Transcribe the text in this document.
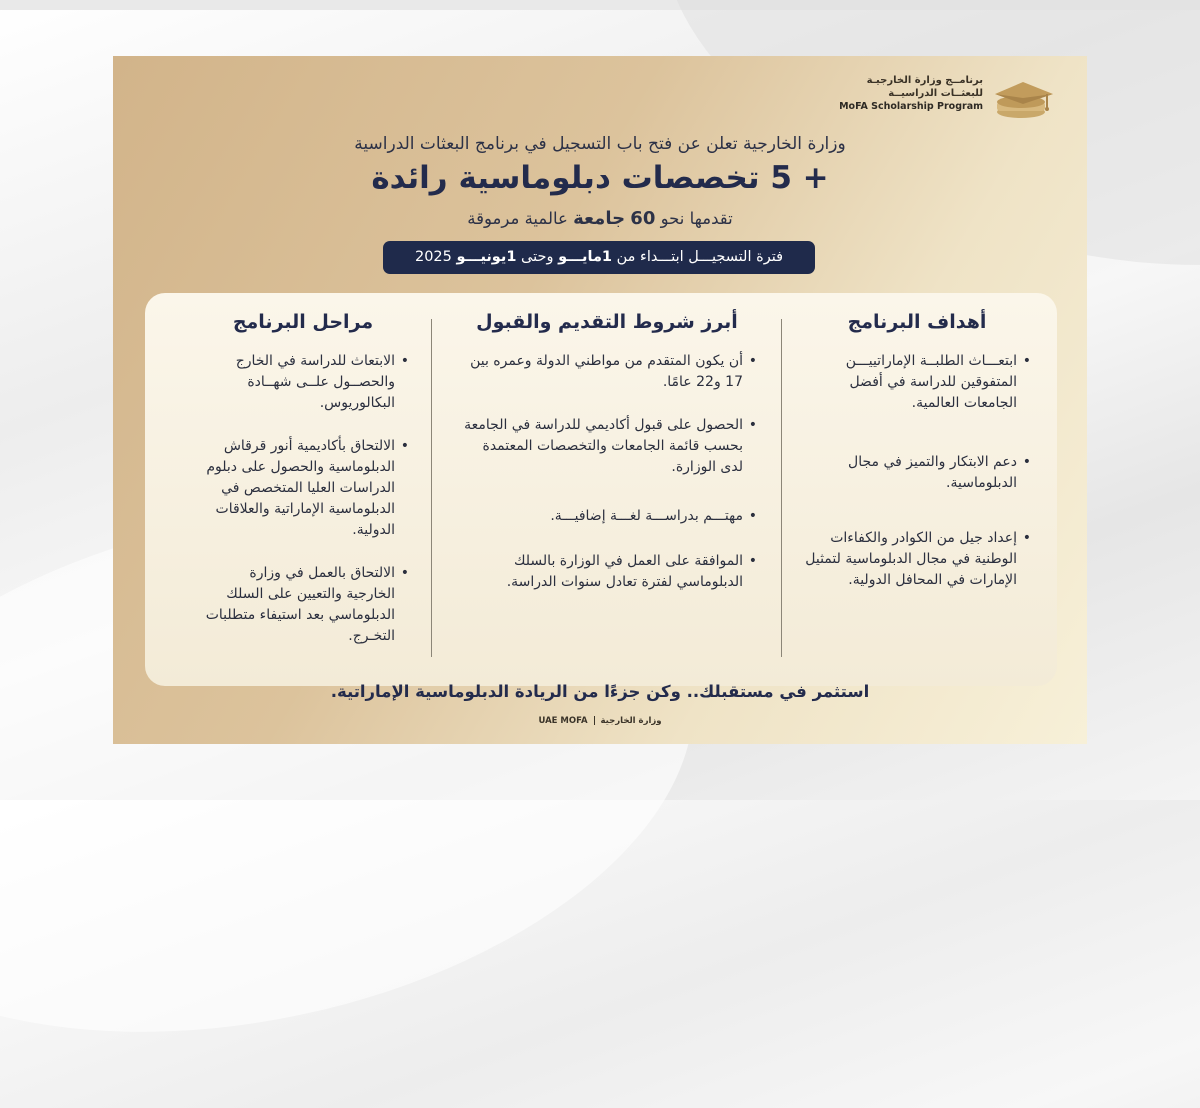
برنامــج وزارة الخارجيـة
للبعثــات الدراسيــة
MoFA Scholarship Program
وزارة الخارجية تعلن عن فتح باب التسجيل في برنامج البعثات الدراسية
+ 5 تخصصات دبلوماسية رائدة
تقدمها نحو 60 جامعة عالمية مرموقة
فترة التسجيـــل ابتـــداء من 1مايـــو وحتى 1يونيـــو 2025
أهداف البرنامج
• ابتعـــاث الطلبــة الإماراتييـــن المتفوقين للدراسة في أفضل الجامعات العالمية.
• دعم الابتكار والتميز في مجال الدبلوماسية.
• إعداد جيل من الكوادر والكفاءات الوطنية في مجال الدبلوماسية لتمثيل الإمارات في المحافل الدولية.
أبرز شروط التقديم والقبول
• أن يكون المتقدم من مواطني الدولة وعمره بين 17 و22 عامًا.
• الحصول على قبول أكاديمي للدراسة في الجامعة بحسب قائمة الجامعات والتخصصات المعتمدة لدى الوزارة.
• مهتـــم بدراســـة لغـــة إضافيـــة.
• الموافقة على العمل في الوزارة بالسلك الدبلوماسي لفترة تعادل سنوات الدراسة.
مراحل البرنامج
• الابتعاث للدراسة في الخارج والحصــول علــى شهــادة البكالوريوس.
• الالتحاق بأكاديمية أنور قرقاش الدبلوماسية والحصول على دبلوم الدراسات العليا المتخصص في الدبلوماسية الإماراتية والعلاقات الدولية.
• الالتحاق بالعمل في وزارة الخارجية والتعيين على السلك الدبلوماسي بعد استيفاء متطلبات التخـرج.
استثمر في مستقبلك.. وكن جزءًا من الريادة الدبلوماسية الإماراتية.
UAE MOFA وزارة الخارجية
